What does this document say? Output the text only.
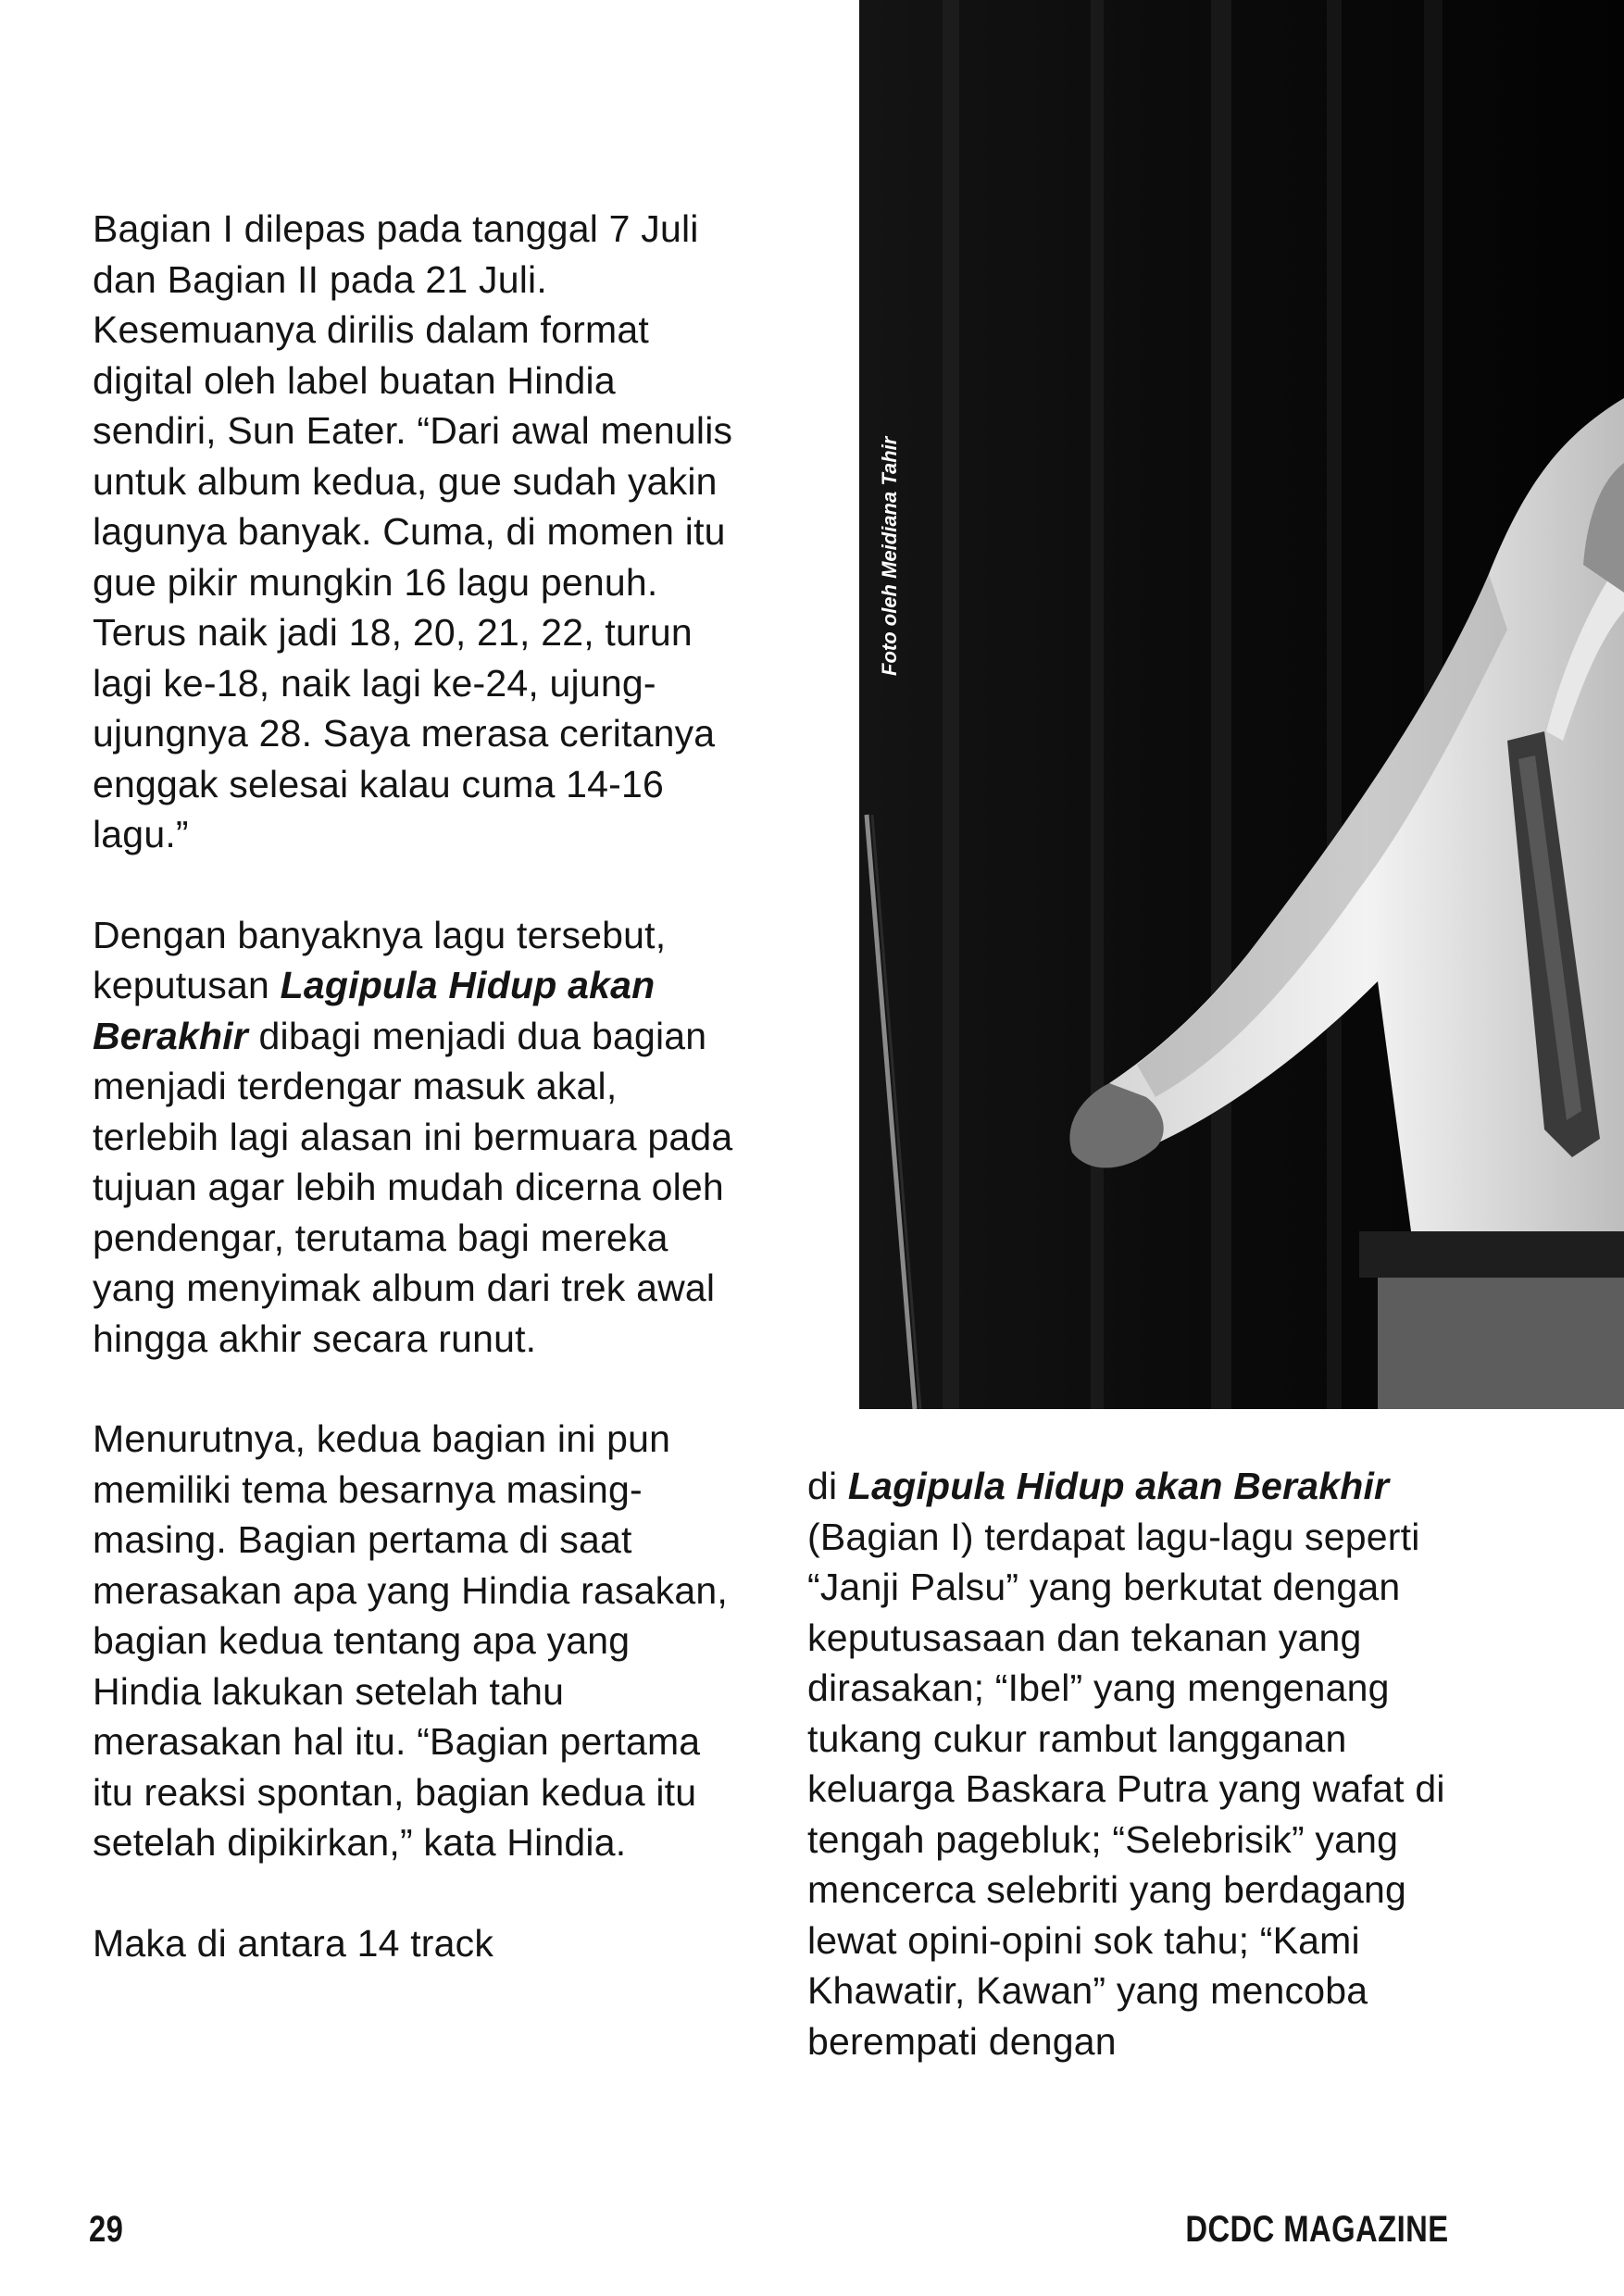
Bagian I dilepas pada tanggal 7 Juli dan Bagian II pada 21 Juli. Kesemuanya dirilis dalam format digital oleh label buatan Hindia sendiri, Sun Eater. “Dari awal menulis untuk album kedua, gue sudah yakin lagunya banyak. Cuma, di momen itu gue pikir mungkin 16 lagu penuh. Terus naik jadi 18, 20, 21, 22, turun lagi ke-18, naik lagi ke-24, ujung-ujungnya 28. Saya merasa ceritanya enggak selesai kalau cuma 14-16 lagu.”

Dengan banyaknya lagu tersebut, keputusan Lagipula Hidup akan Berakhir dibagi menjadi dua bagian menjadi terdengar masuk akal, terlebih lagi alasan ini bermuara pada tujuan agar lebih mudah dicerna oleh pendengar, terutama bagi mereka yang menyimak album dari trek awal hingga akhir secara runut.

Menurutnya, kedua bagian ini pun memiliki tema besarnya masing-masing. Bagian pertama di saat merasakan apa yang Hindia rasakan, bagian kedua tentang apa yang Hindia lakukan setelah tahu merasakan hal itu. “Bagian pertama itu reaksi spontan, bagian kedua itu setelah dipikirkan,” kata Hindia.

Maka di antara 14 track

Foto oleh Meidiana Tahir

di Lagipula Hidup akan Berakhir (Bagian I) terdapat lagu-lagu seperti “Janji Palsu” yang berkutat dengan keputusasaan dan tekanan yang dirasakan; “Ibel” yang mengenang tukang cukur rambut langganan keluarga Baskara Putra yang wafat di tengah pagebluk; “Selebrisik” yang mencerca selebriti yang berdagang lewat opini-opini sok tahu; “Kami Khawatir, Kawan” yang mencoba berempati dengan

29	DCDC MAGAZINE
